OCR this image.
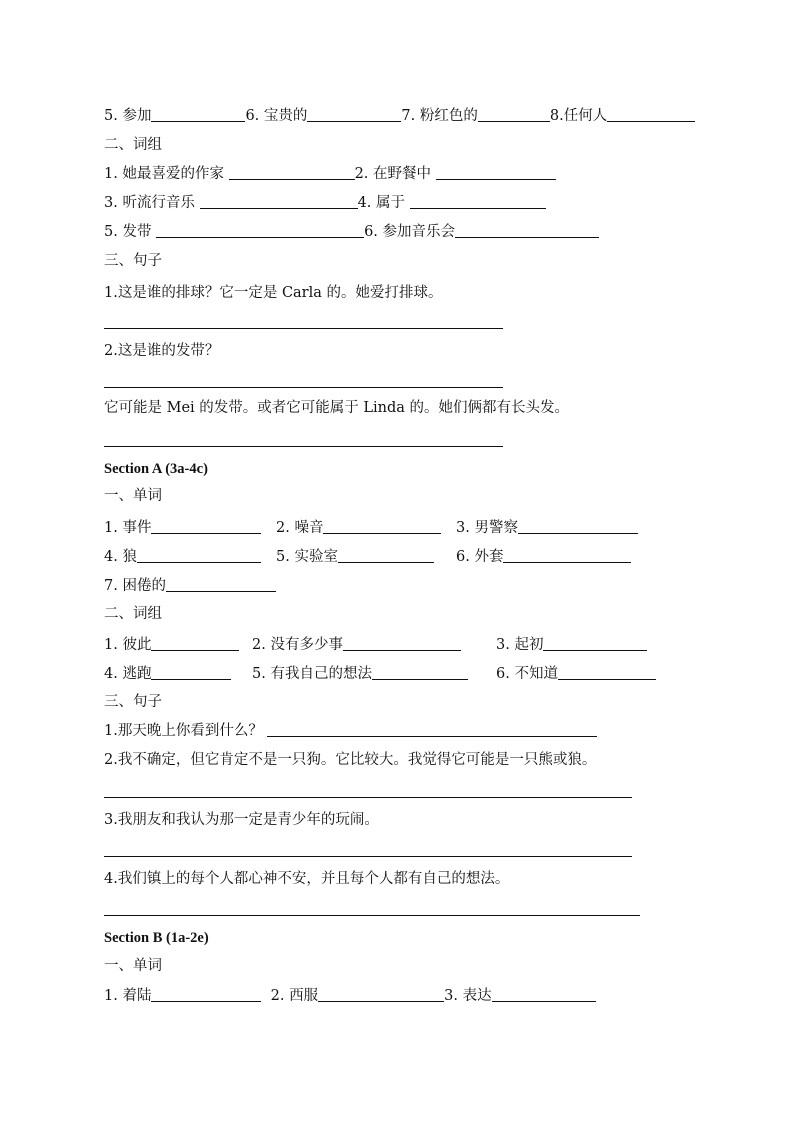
5. 参加	6. 宝贵的	7. 粉红色的	8.任何人
二、词组
1. 她最喜爱的作家	2. 在野餐中
3. 听流行音乐	4. 属于
5. 发带	6. 参加音乐会
三、句子
1.这是谁的排球？它一定是 Carla 的。她爱打排球。
2.这是谁的发带？
它可能是 Mei 的发带。或者它可能属于 Linda 的。她们俩都有长头发。
Section A (3a-4c)
一、单词
1. 事件	2. 噪音	3. 男警察
4. 狼	5. 实验室	6. 外套
7. 困倦的
二、词组
1. 彼此	2. 没有多少事	3. 起初
4. 逃跑	5. 有我自己的想法	6. 不知道
三、句子
1.那天晚上你看到什么？
2.我不确定，但它肯定不是一只狗。它比较大。我觉得它可能是一只熊或狼。
3.我朋友和我认为那一定是青少年的玩闹。
4.我们镇上的每个人都心神不安，并且每个人都有自己的想法。
Section B (1a-2e)
一、单词
1. 着陆	2. 西服	3. 表达
